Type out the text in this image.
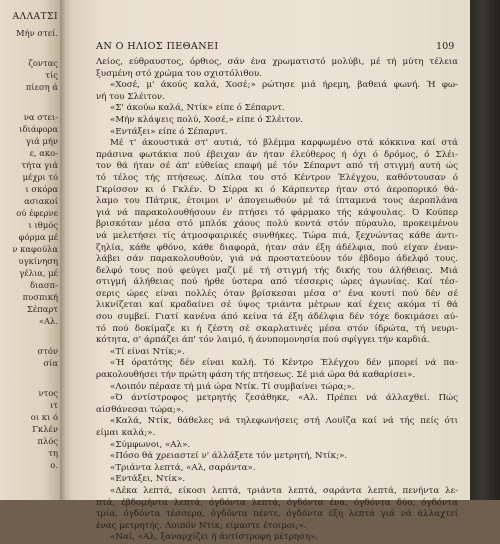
ΑΛΛΑΤΣΙ
Μήν στεί.
ζοντας
τίς
πίεση ά
να στει-
ιδιάφορα
γιά μήν
ε, ακο-
τήτα γιά
μέχρι τό
ι σκόρα
ασιακοί
ού έφερνε
ι ιθμός
φόρμα μέ
ν καφούλα
υγκίνηση
γέλια, μέ
διασπ-
πυσπική
Σέπαρτ
«Αλ.
στόν
σία
ντος
ιτ
οι κι ό
Γκλέν
πλός
τη
ο.
ΑΝ Ο ΗΛΙΟΣ ΠΕΘΑΝΕΙ	109
Λείος, εύθραυστος, όρθιος, σάν ένα χρωματιστό μολύβι, μέ τή μύτη τέλεια
ξυσμένη στό χρώμα του σχιστόλιθου.
«Χοσέ, μ' άκούς καλά, Χοσέ;» ρώτησε μιά ήρεμη, βαθειά φωνή. Ή φω-
νή του Σλέιτον.
«Σ' άκούω καλά, Ντίκ» είπε ό Σέπαρντ.
«Μήν κλάψεις πολύ, Χοσέ,» είπε ό Σλέιτον.
«Εντάξει» είπε ό Σέπαρντ.
Μέ τ' άκουστικά στ' αυτιά, τό βλέμμα καρφωμένο στά κόκκινα καί στά
πράσινα φωτάκια πού έβειχαν άν ήταν έλεύθερος ή όχι ό δρόμος, ό Σλέι-
τον θά ήταν σέ άπ' εύθείας επαφή μέ τόν Σέπαρντ από τή στιγμή αυτή ώς
τό τέλος τής πτήσεως. Δίπλα του στό Κέντρον Έλέγχου, καθόντουσαν ό
Γκρίσσον κι ό Γκλέν. Ό Σίρρα κι ό Κάρπεντερ ήταν στό άεροπορικό θά-
λαμο του Πάτρικ, έτοιμοι ν' άπογειωθούν μέ τά ίπταμενά τους άεροπλάνα
γιά νά παρακολουθήσουν έν πτήσει τό φάρμακο τής κάψουλας. Ό Κούπερ
βρισκόταν μέσα στό μπλόκ χάους πολύ κοντά στόν πύραυλο, προκειμένου
νά μελετήσει τίς άτμοσφαιρικές συνθήκες. Τώρα πιά, ξεχνώντας κάθε άντι-
ζηλία, κάθε φθόνο, κάθε διαφορά, ήταν σάν έξη άδέλφια, πού είχαν έναν-
λάβει σάν παρακολουθούν, γιά νά προστατεύουν τόν έβδομο άδελφό τους.
δελφό τους πού φεύγει μαζί μέ τή στιγμή τής δικής του άλήθειας. Μιά
στιγμή άλήθειας πού ήρθε ύστερα από τέσσερις ώρες άγωνίας. Καί τέσ-
σερις ώρες είναι πολλές όταν βρίσκεσαι μέσα σ' ένα κουτί πού δέν σέ
λικνίζεται καί κραδαίνει σέ ύψος τριάντα μέτρων καί έχεις ακόμα τί θά
σου συμβεί. Γιατί κανένα άπό κείνα τά έξη άδέλφια δέν τόχε δοκιμάσει αύ-
τό πού δοκίμαζε κι ή ζέστη σέ σκαρλατινές μέσα στόν ίδρώτα, τή νευρι-
κότητα, σ' άρπάζει άπ' τόν λαιμό, ή άνυπομονησία πού σφίγγει τήν καρδιά.
«Τί είναι Ντίκ;».
«Ή όρατότης δέν είναι καλή. Τό Κέντρο Έλέγχου δέν μπορεί νά πα-
ρακολουθήσει τήν πρώτη φάση τής πτήσεως. Σέ μιά ώρα θά καθαρίσει».
«Λοιπόν πέρασε τή μιά ώρα Ντίκ. Τί συμβαίνει τώρα;».
«Ό άντίστροφος μετρητής ζεσάθηκε, «Αλ. Πρέπει νά άλλαχθεί. Πώς
αίσθάνεσαι τώρα;».
«Καλά, Ντίκ, θάθελες νά τηλεφωνήσεις στή Λουΐζα καί νά τής πείς ότι
είμαι καλά;».
«Σύμφωνοι, «Αλ».
«Πόσο θά χρειαστεί ν' άλλάξετε τόν μετρητή, Ντίκ;».
«Τριάντα λεπτά, «Αλ, σαράντα».
«Εντάξει, Ντίκ».
«Δέκα λεπτά, είκοσι λεπτά, τριάντα λεπτά, σαράντα λεπτά, πενήντα λε-
πτά, έβδομήντα λεπτά, όγδόντα λεπτά, όγδόντα ένα, όγδόντα δύο, όγδόντα
τρία, όγδόντα τέσσερα, όγδόντα πέντε, όγδόντα έξη λεπτά γιά νά άλλαχτεί
ένας μετρητής. Λοιπόν Ντίκ; είμαστε έτοιμοι;».
«Ναί, «Αλ, ξαναρχίζει ή άντίστροφη μέτρηση».
